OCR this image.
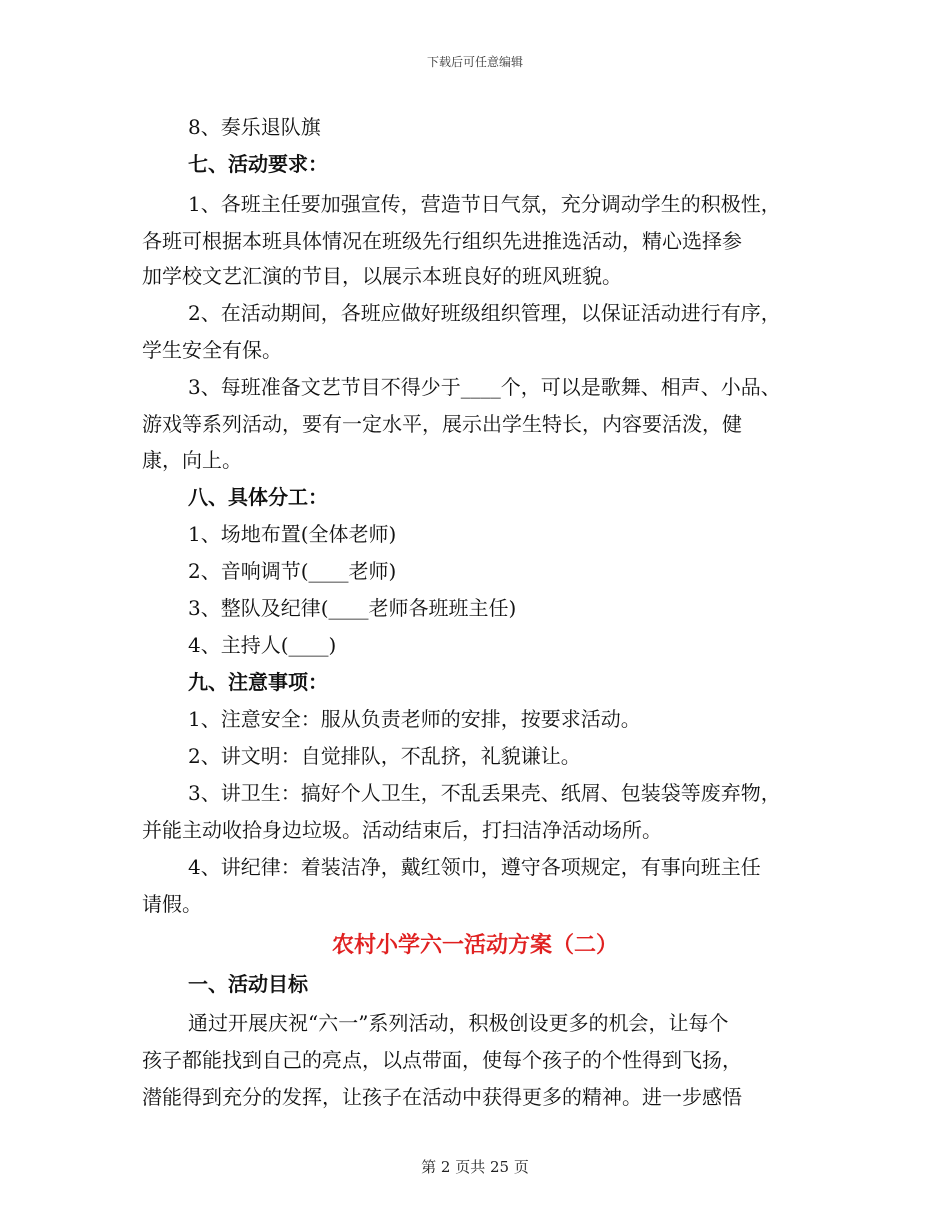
下载后可任意编辑
8、奏乐退队旗
七、活动要求：
1、各班主任要加强宣传，营造节日气氛，充分调动学生的积极性，
各班可根据本班具体情况在班级先行组织先进推选活动，精心选择参
加学校文艺汇演的节目，以展示本班良好的班风班貌。
2、在活动期间，各班应做好班级组织管理，以保证活动进行有序，
学生安全有保。
3、每班准备文艺节目不得少于____个，可以是歌舞、相声、小品、
游戏等系列活动，要有一定水平，展示出学生特长，内容要活泼，健
康，向上。
八、具体分工：
1、场地布置(全体老师)
2、音响调节(____老师)
3、整队及纪律(____老师各班班主任)
4、主持人(____)
九、注意事项：
1、注意安全：服从负责老师的安排，按要求活动。
2、讲文明：自觉排队，不乱挤，礼貌谦让。
3、讲卫生：搞好个人卫生，不乱丢果壳、纸屑、包装袋等废弃物，
并能主动收拾身边垃圾。活动结束后，打扫洁净活动场所。
4、讲纪律：着装洁净，戴红领巾，遵守各项规定，有事向班主任
请假。
农村小学六一活动方案（二）
一、活动目标
通过开展庆祝“六一”系列活动，积极创设更多的机会，让每个
孩子都能找到自己的亮点，以点带面，使每个孩子的个性得到飞扬，
潜能得到充分的发挥，让孩子在活动中获得更多的精神。进一步感悟
第 2 页共 25 页
